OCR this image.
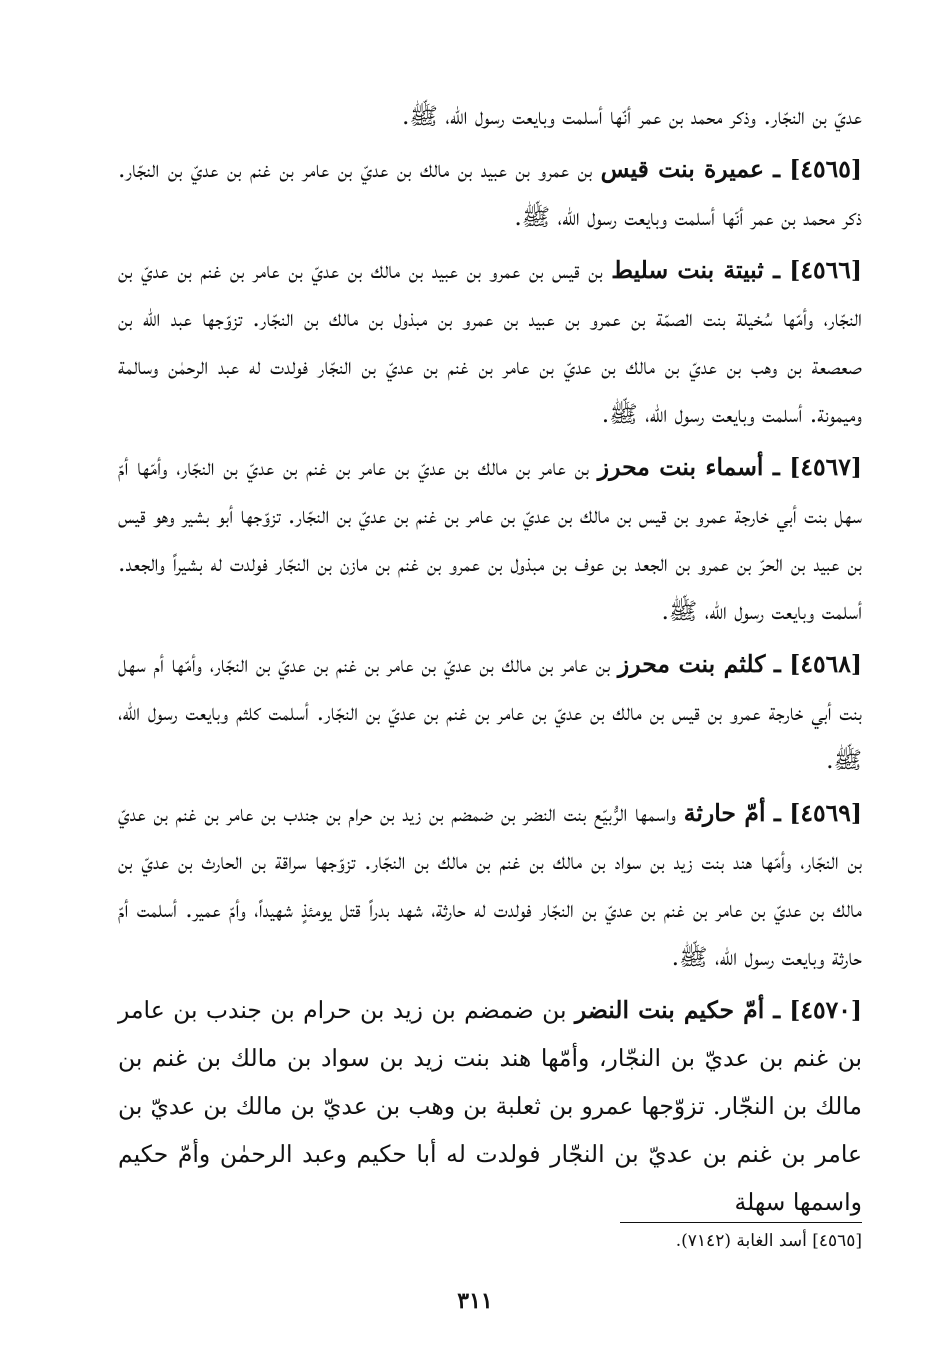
عديّ بن النجّار. وذكر محمد بن عمر أنّها أسلمت وبايعت رسول الله، ﷺ.

[٤٥٦٥] ـ عميرة بنت قيس بن عمرو بن عبيد بن مالك بن عديّ بن عامر بن غنم بن عديّ بن النجّار. ذكر محمد بن عمر أنّها أسلمت وبايعت رسول الله، ﷺ.

[٤٥٦٦] ـ ثبيتة بنت سليط بن قيس بن عمرو بن عبيد بن مالك بن عديّ بن عامر بن غنم بن عديّ بن النجّار، وأمّها سُخيلة بنت الصمّة بن عمرو بن عبيد بن عمرو بن مبذول بن مالك بن النجّار. تزوّجها عبد الله بن صعصعة بن وهب بن عديّ بن مالك بن عديّ بن عامر بن غنم بن عديّ بن النجّار فولدت له عبد الرحمٰن وسالمة وميمونة. أسلمت وبايعت رسول الله، ﷺ.

[٤٥٦٧] ـ أسماء بنت محرز بن عامر بن مالك بن عديّ بن عامر بن غنم بن عديّ بن النجّار، وأمّها أمّ سهل بنت أبي خارجة عمرو بن قيس بن مالك بن عديّ بن عامر بن غنم بن عديّ بن النجّار. تزوّجها أبو بشير وهو قيس بن عبيد بن الحرّ بن عمرو بن الجعد بن عوف بن مبذول بن عمرو بن غنم بن مازن بن النجّار فولدت له بشيراً والجعد. أسلمت وبايعت رسول الله، ﷺ.

[٤٥٦٨] ـ كلثم بنت محرز بن عامر بن مالك بن عديّ بن عامر بن غنم بن عديّ بن النجّار، وأمّها أم سهل بنت أبي خارجة عمرو بن قيس بن مالك بن عديّ بن عامر بن غنم بن عديّ بن النجّار. أسلمت كلثم وبايعت رسول الله، ﷺ.

[٤٥٦٩] ـ أمّ حارثة واسمها الرُّبيّع بنت النضر بن ضمضم بن زيد بن حرام بن جندب بن عامر بن غنم بن عديّ بن النجّار، وأمّها هند بنت زيد بن سواد بن مالك بن غنم بن مالك بن النجّار. تزوّجها سراقة بن الحارث بن عديّ بن مالك بن عديّ بن عامر بن غنم بن عديّ بن النجّار فولدت له حارثة، شهد بدراً قتل يومئذٍ شهيداً، وأمّ عمير. أسلمت أمّ حارثة وبايعت رسول الله، ﷺ.

[٤٥٧٠] ـ أمّ حكيم بنت النضر بن ضمضم بن زيد بن حرام بن جندب بن عامر بن غنم بن عديّ بن النجّار، وأمّها هند بنت زيد بن سواد بن مالك بن غنم بن مالك بن النجّار. تزوّجها عمرو بن ثعلبة بن وهب بن عديّ بن مالك بن عديّ بن عامر بن غنم بن عديّ بن النجّار فولدت له أبا حكيم وعبد الرحمٰن وأمّ حكيم واسمها سهلة

[٤٥٦٥] أسد الغابة (٧١٤٢).

٣١١
